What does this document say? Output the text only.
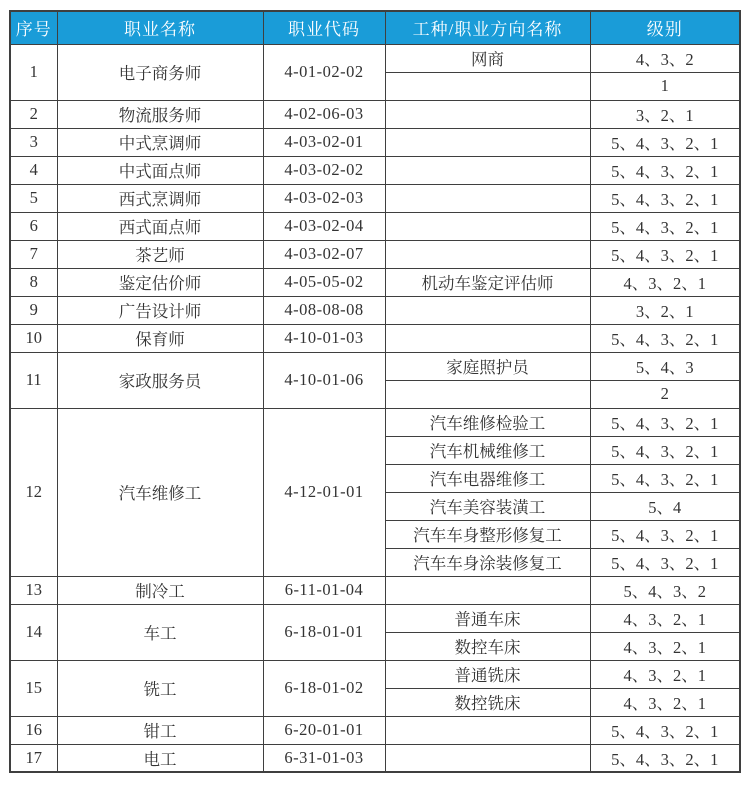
序号	职业名称	职业代码	工种/职业方向名称	级别
1	电子商务师	4-01-02-02	网商	4、3、2
				1
2	物流服务师	4-02-06-03		3、2、1
3	中式烹调师	4-03-02-01		5、4、3、2、1
4	中式面点师	4-03-02-02		5、4、3、2、1
5	西式烹调师	4-03-02-03		5、4、3、2、1
6	西式面点师	4-03-02-04		5、4、3、2、1
7	茶艺师	4-03-02-07		5、4、3、2、1
8	鉴定估价师	4-05-05-02	机动车鉴定评估师	4、3、2、1
9	广告设计师	4-08-08-08		3、2、1
10	保育师	4-10-01-03		5、4、3、2、1
11	家政服务员	4-10-01-06	家庭照护员	5、4、3
				2
12	汽车维修工	4-12-01-01	汽车维修检验工	5、4、3、2、1
			汽车机械维修工	5、4、3、2、1
			汽车电器维修工	5、4、3、2、1
			汽车美容装潢工	5、4
			汽车车身整形修复工	5、4、3、2、1
			汽车车身涂装修复工	5、4、3、2、1
13	制冷工	6-11-01-04		5、4、3、2
14	车工	6-18-01-01	普通车床	4、3、2、1
			数控车床	4、3、2、1
15	铣工	6-18-01-02	普通铣床	4、3、2、1
			数控铣床	4、3、2、1
16	钳工	6-20-01-01		5、4、3、2、1
17	电工	6-31-01-03		5、4、3、2、1
